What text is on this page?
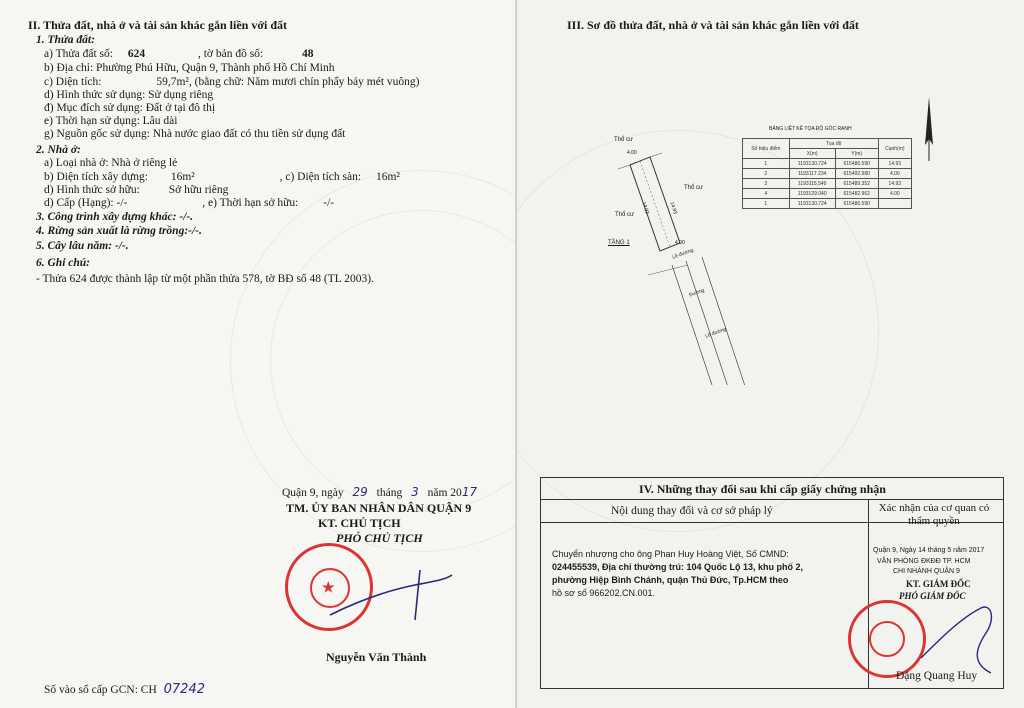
II. Thửa đất, nhà ở và tài sản khác gắn liền với đất
1. Thửa đất:
a) Thửa đất số: 624	, tờ bản đồ số:	48
b) Địa chỉ: Phường Phú Hữu, Quận 9, Thành phố Hồ Chí Minh
c) Diện tích:	59,7m², (bằng chữ: Năm mươi chín phẩy bảy mét vuông)
d) Hình thức sử dụng: Sử dụng riêng
đ) Mục đích sử dụng: Đất ở tại đô thị
e) Thời hạn sử dụng: Lâu dài
g) Nguồn gốc sử dụng: Nhà nước giao đất có thu tiền sử dụng đất
2. Nhà ở:
a) Loại nhà ở: Nhà ở riêng lẻ
b) Diện tích xây dựng: 16m²	, c) Diện tích sàn: 16m²
d) Hình thức sở hữu:	Sở hữu riêng
d) Cấp (Hạng): -/-	, e) Thời hạn sở hữu: -/-
3. Công trình xây dựng khác: -/-.
4. Rừng sản xuất là rừng trồng:-/-.
5. Cây lâu năm: -/-.
6. Ghi chú:
- Thửa 624 được thành lập từ một phần thửa 578, tờ BĐ số 48 (TL 2003).
Quận 9, ngày 29 tháng 3 năm 2017
TM. ỦY BAN NHÂN DÂN QUẬN 9
KT. CHỦ TỊCH
PHÓ CHỦ TỊCH
★
Nguyễn Văn Thành
Số vào sổ cấp GCN: CH 07242
III. Sơ đồ thửa đất, nhà ở và tài sản khác gắn liền với đất
Thổ cư
Thổ cư
Thổ cư
TẦNG 1
Lề đường
Đường
Lề đường
4.00
14.93
4.00
14.93
BẢNG LIỆT KÊ TỌA ĐỘ GÓC RANH
Số hiệu điểm	Tọa độ		Cạnh(m)
	X(m)	Y(m)	
1	1193130.724	615486.590	14.93
2	1193117.234	615492.980	4.00
3	1193115.549	615489.352	14.93
4	1193129.040	615482.962	4.00
1	1193130.724	615486.590	
IV. Những thay đổi sau khi cấp giấy chứng nhận
Nội dung thay đổi và cơ sở pháp lý	Xác nhận của cơ quan có thẩm quyền
Chuyển nhượng cho ông Phan Huy Hoàng Việt, Số CMND:
024455539, Địa chỉ thường trú: 104 Quốc Lộ 13, khu phố 2,
phường Hiệp Bình Chánh, quận Thủ Đức, Tp.HCM theo
hồ sơ số 966202.CN.001.
Quận 9, Ngày 14 tháng 5 năm 2017
VĂN PHÒNG ĐKĐĐ TP. HCM
CHI NHÁNH QUẬN 9
KT. GIÁM ĐỐC
PHÓ GIÁM ĐỐC
Đặng Quang Huy
